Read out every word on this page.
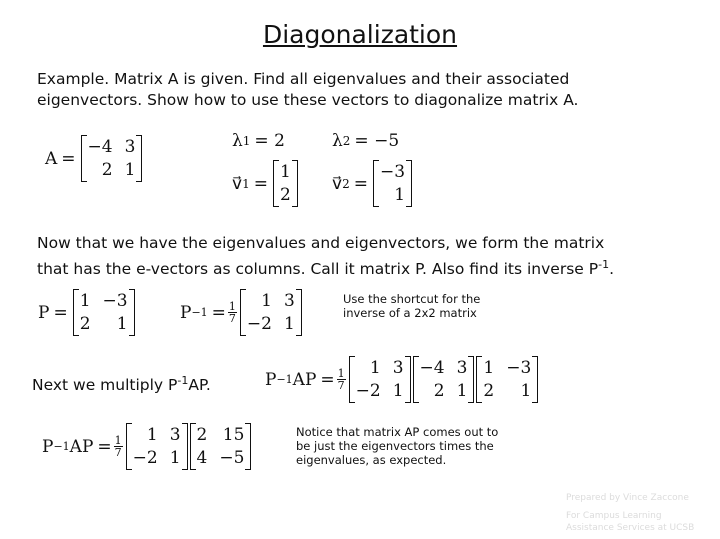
Diagonalization
Example. Matrix A is given. Find all eigenvalues and their associated
eigenvectors. Show how to use these vectors to diagonalize matrix A.
A =
−4 3
2 1
λ 1 = 2	λ 2 = −5
v⃗ 1 =
1
2
v⃗ 2 =
−3
1
Now that we have the eigenvalues and eigenvectors, we form the matrix
that has the e-vectors as columns. Call it matrix P. Also find its inverse $P^{-1}$.
P =
1 −3
2	1
$P -1 = \frac{1}{7}$	1 3
−2 1
Use the shortcut for the
inverse of a 2x2 matrix
Next we multiply $P^{-1}AP$.	P −1 AP = $\frac{1}{7}$	1 3
−2 1
−4 3
2 1
1 −3
2	1
P −1 AP = $\frac{1}{7}$	1 3
−2 1
2 15
4 −5
Notice that matrix AP comes out to
be just the eigenvectors times the
eigenvalues, as expected.
Prepared by Vince Zaccone
For Campus Learning
Assistance Services at UCSB
